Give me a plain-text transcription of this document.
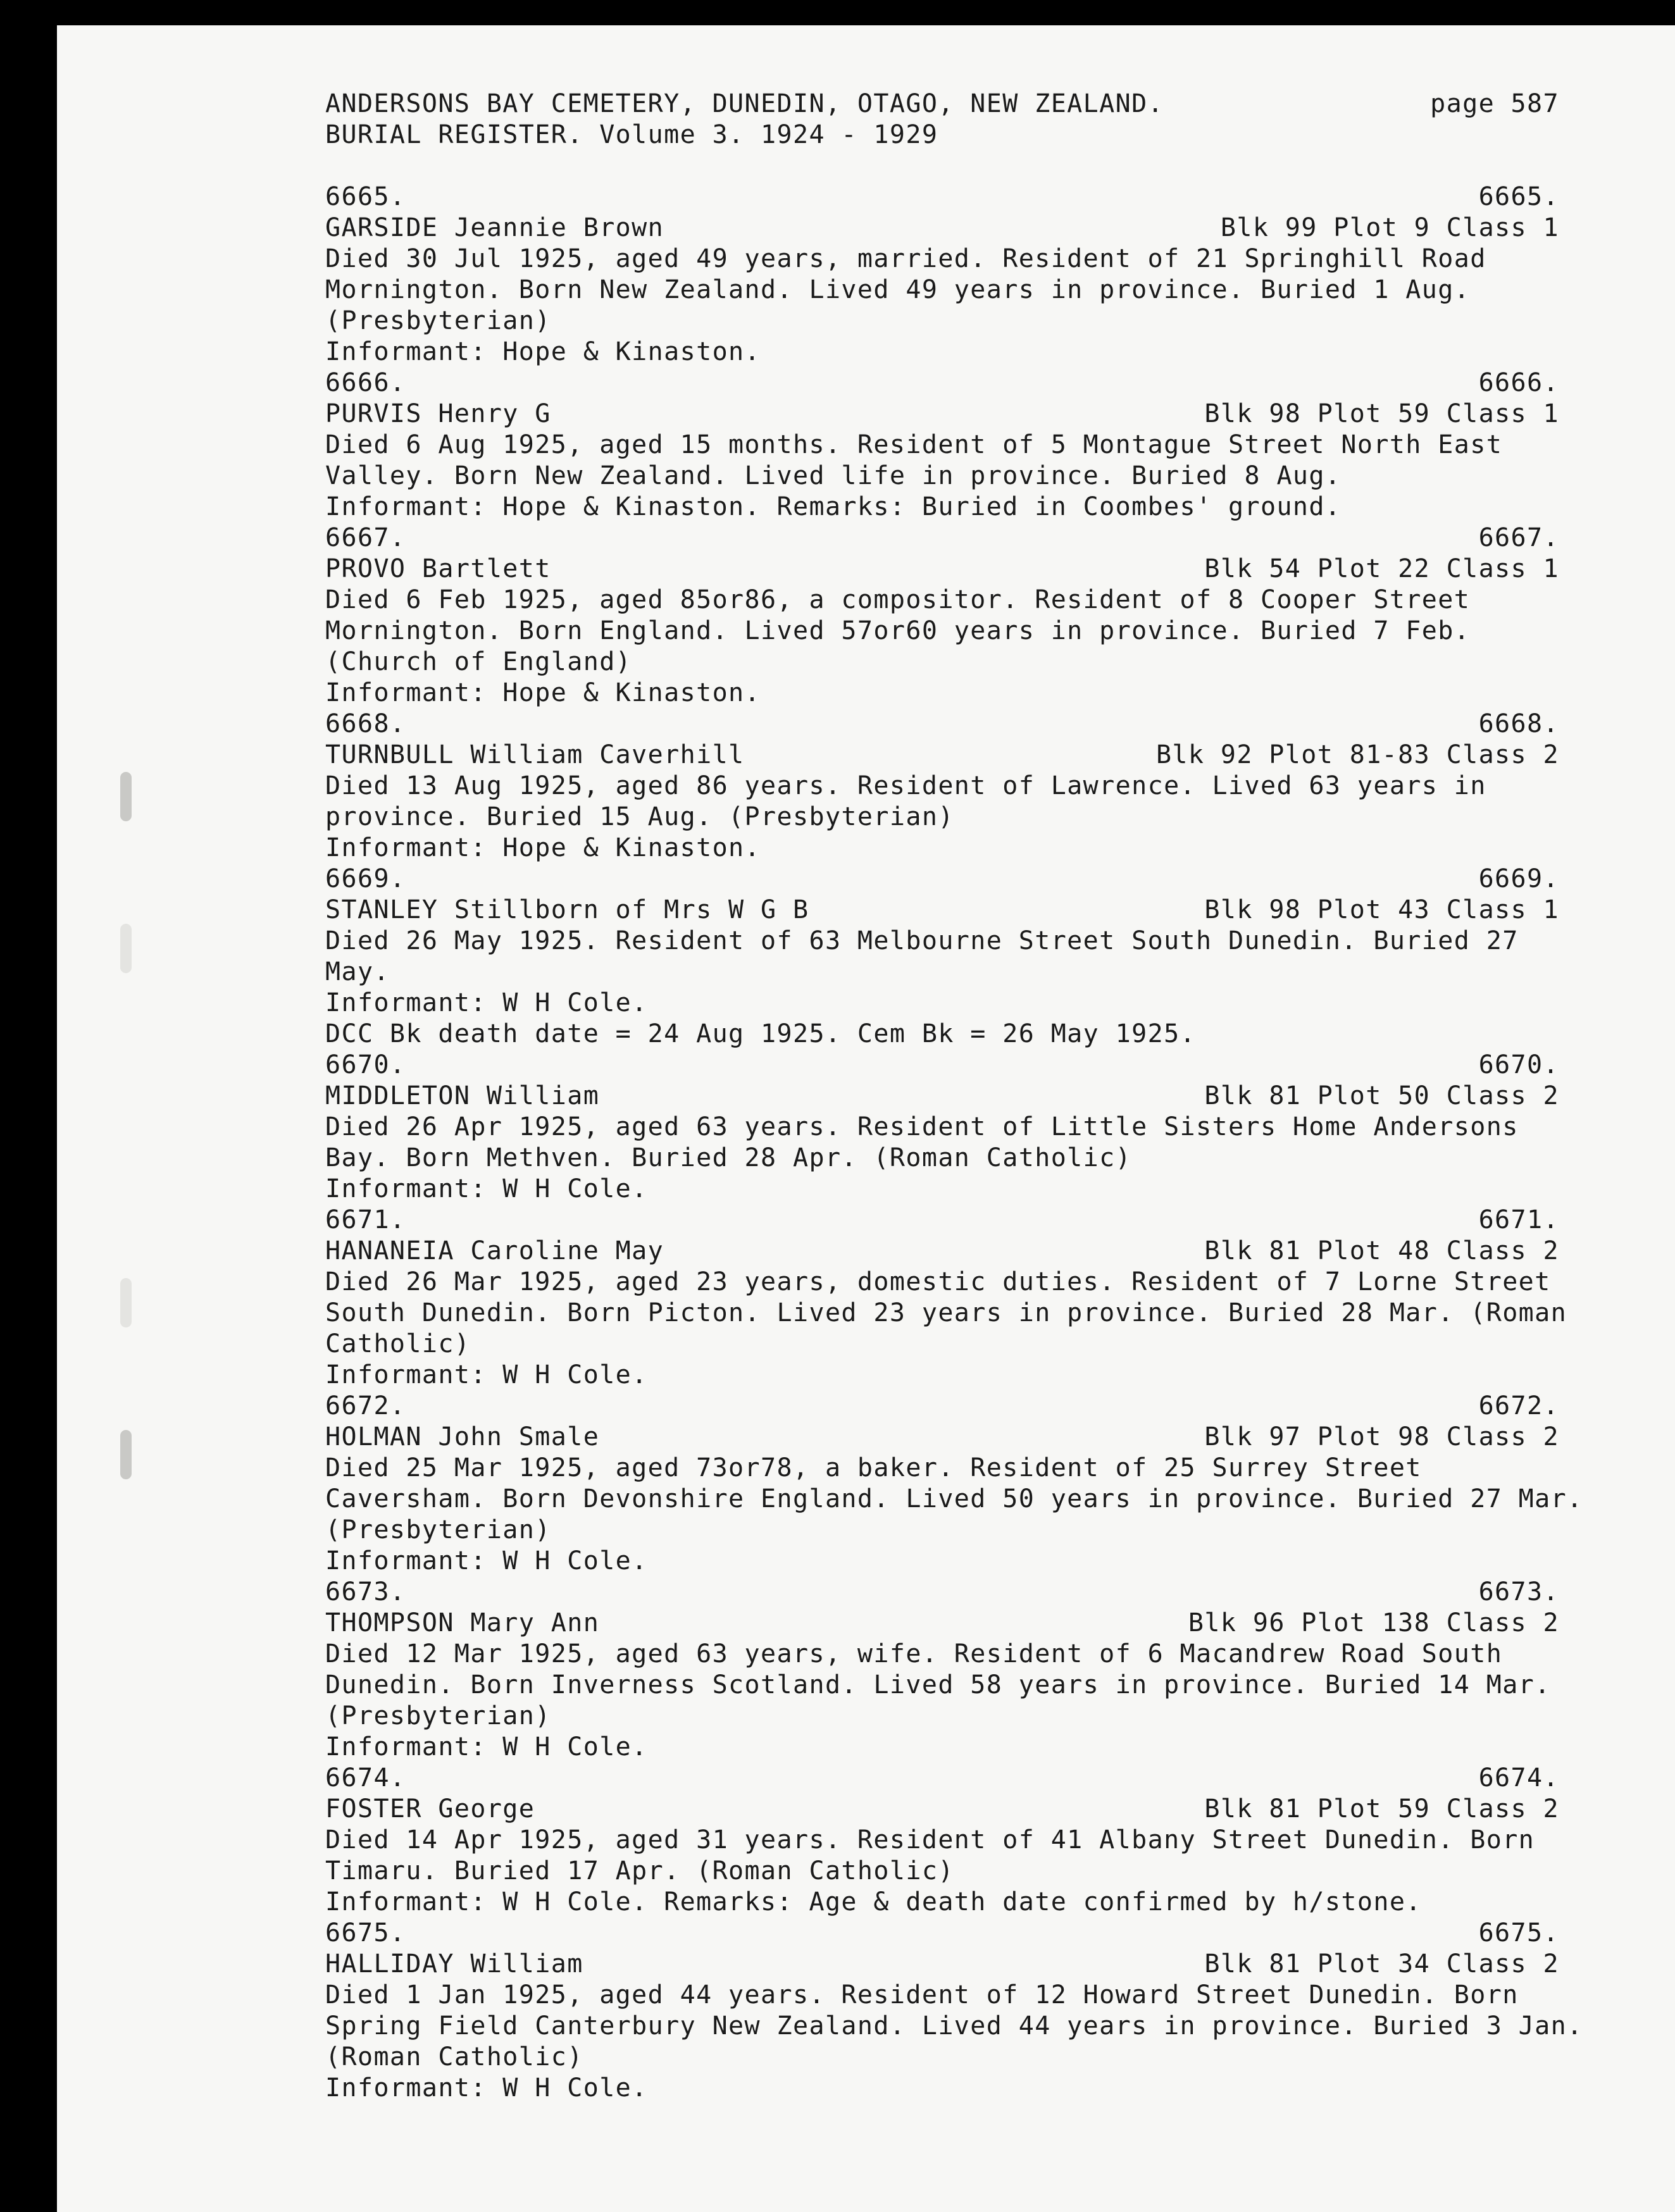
ANDERSONS BAY CEMETERY, DUNEDIN, OTAGO, NEW ZEALAND.	page 587
BURIAL REGISTER. Volume 3. 1924 - 1929
6665.	6665.
GARSIDE Jeannie Brown	Blk 99 Plot 9 Class 1
Died 30 Jul 1925, aged 49 years, married. Resident of 21 Springhill Road
Mornington. Born New Zealand. Lived 49 years in province. Buried 1 Aug.
(Presbyterian)
Informant: Hope & Kinaston.
6666.	6666.
PURVIS Henry G	Blk 98 Plot 59 Class 1
Died 6 Aug 1925, aged 15 months. Resident of 5 Montague Street North East
Valley. Born New Zealand. Lived life in province. Buried 8 Aug.
Informant: Hope & Kinaston. Remarks: Buried in Coombes' ground.
6667.	6667.
PROVO Bartlett	Blk 54 Plot 22 Class 1
Died 6 Feb 1925, aged 85or86, a compositor. Resident of 8 Cooper Street
Mornington. Born England. Lived 57or60 years in province. Buried 7 Feb.
(Church of England)
Informant: Hope & Kinaston.
6668.	6668.
TURNBULL William Caverhill	Blk 92 Plot 81-83 Class 2
Died 13 Aug 1925, aged 86 years. Resident of Lawrence. Lived 63 years in
province. Buried 15 Aug. (Presbyterian)
Informant: Hope & Kinaston.
6669.	6669.
STANLEY Stillborn of Mrs W G B	Blk 98 Plot 43 Class 1
Died 26 May 1925. Resident of 63 Melbourne Street South Dunedin. Buried 27
May.
Informant: W H Cole.
DCC Bk death date = 24 Aug 1925. Cem Bk = 26 May 1925.
6670.	6670.
MIDDLETON William	Blk 81 Plot 50 Class 2
Died 26 Apr 1925, aged 63 years. Resident of Little Sisters Home Andersons
Bay. Born Methven. Buried 28 Apr. (Roman Catholic)
Informant: W H Cole.
6671.	6671.
HANANEIA Caroline May	Blk 81 Plot 48 Class 2
Died 26 Mar 1925, aged 23 years, domestic duties. Resident of 7 Lorne Street
South Dunedin. Born Picton. Lived 23 years in province. Buried 28 Mar. (Roman
Catholic)
Informant: W H Cole.
6672.	6672.
HOLMAN John Smale	Blk 97 Plot 98 Class 2
Died 25 Mar 1925, aged 73or78, a baker. Resident of 25 Surrey Street
Caversham. Born Devonshire England. Lived 50 years in province. Buried 27 Mar.
(Presbyterian)
Informant: W H Cole.
6673.	6673.
THOMPSON Mary Ann	Blk 96 Plot 138 Class 2
Died 12 Mar 1925, aged 63 years, wife. Resident of 6 Macandrew Road South
Dunedin. Born Inverness Scotland. Lived 58 years in province. Buried 14 Mar.
(Presbyterian)
Informant: W H Cole.
6674.	6674.
FOSTER George	Blk 81 Plot 59 Class 2
Died 14 Apr 1925, aged 31 years. Resident of 41 Albany Street Dunedin. Born
Timaru. Buried 17 Apr. (Roman Catholic)
Informant: W H Cole. Remarks: Age & death date confirmed by h/stone.
6675.	6675.
HALLIDAY William	Blk 81 Plot 34 Class 2
Died 1 Jan 1925, aged 44 years. Resident of 12 Howard Street Dunedin. Born
Spring Field Canterbury New Zealand. Lived 44 years in province. Buried 3 Jan.
(Roman Catholic)
Informant: W H Cole.
